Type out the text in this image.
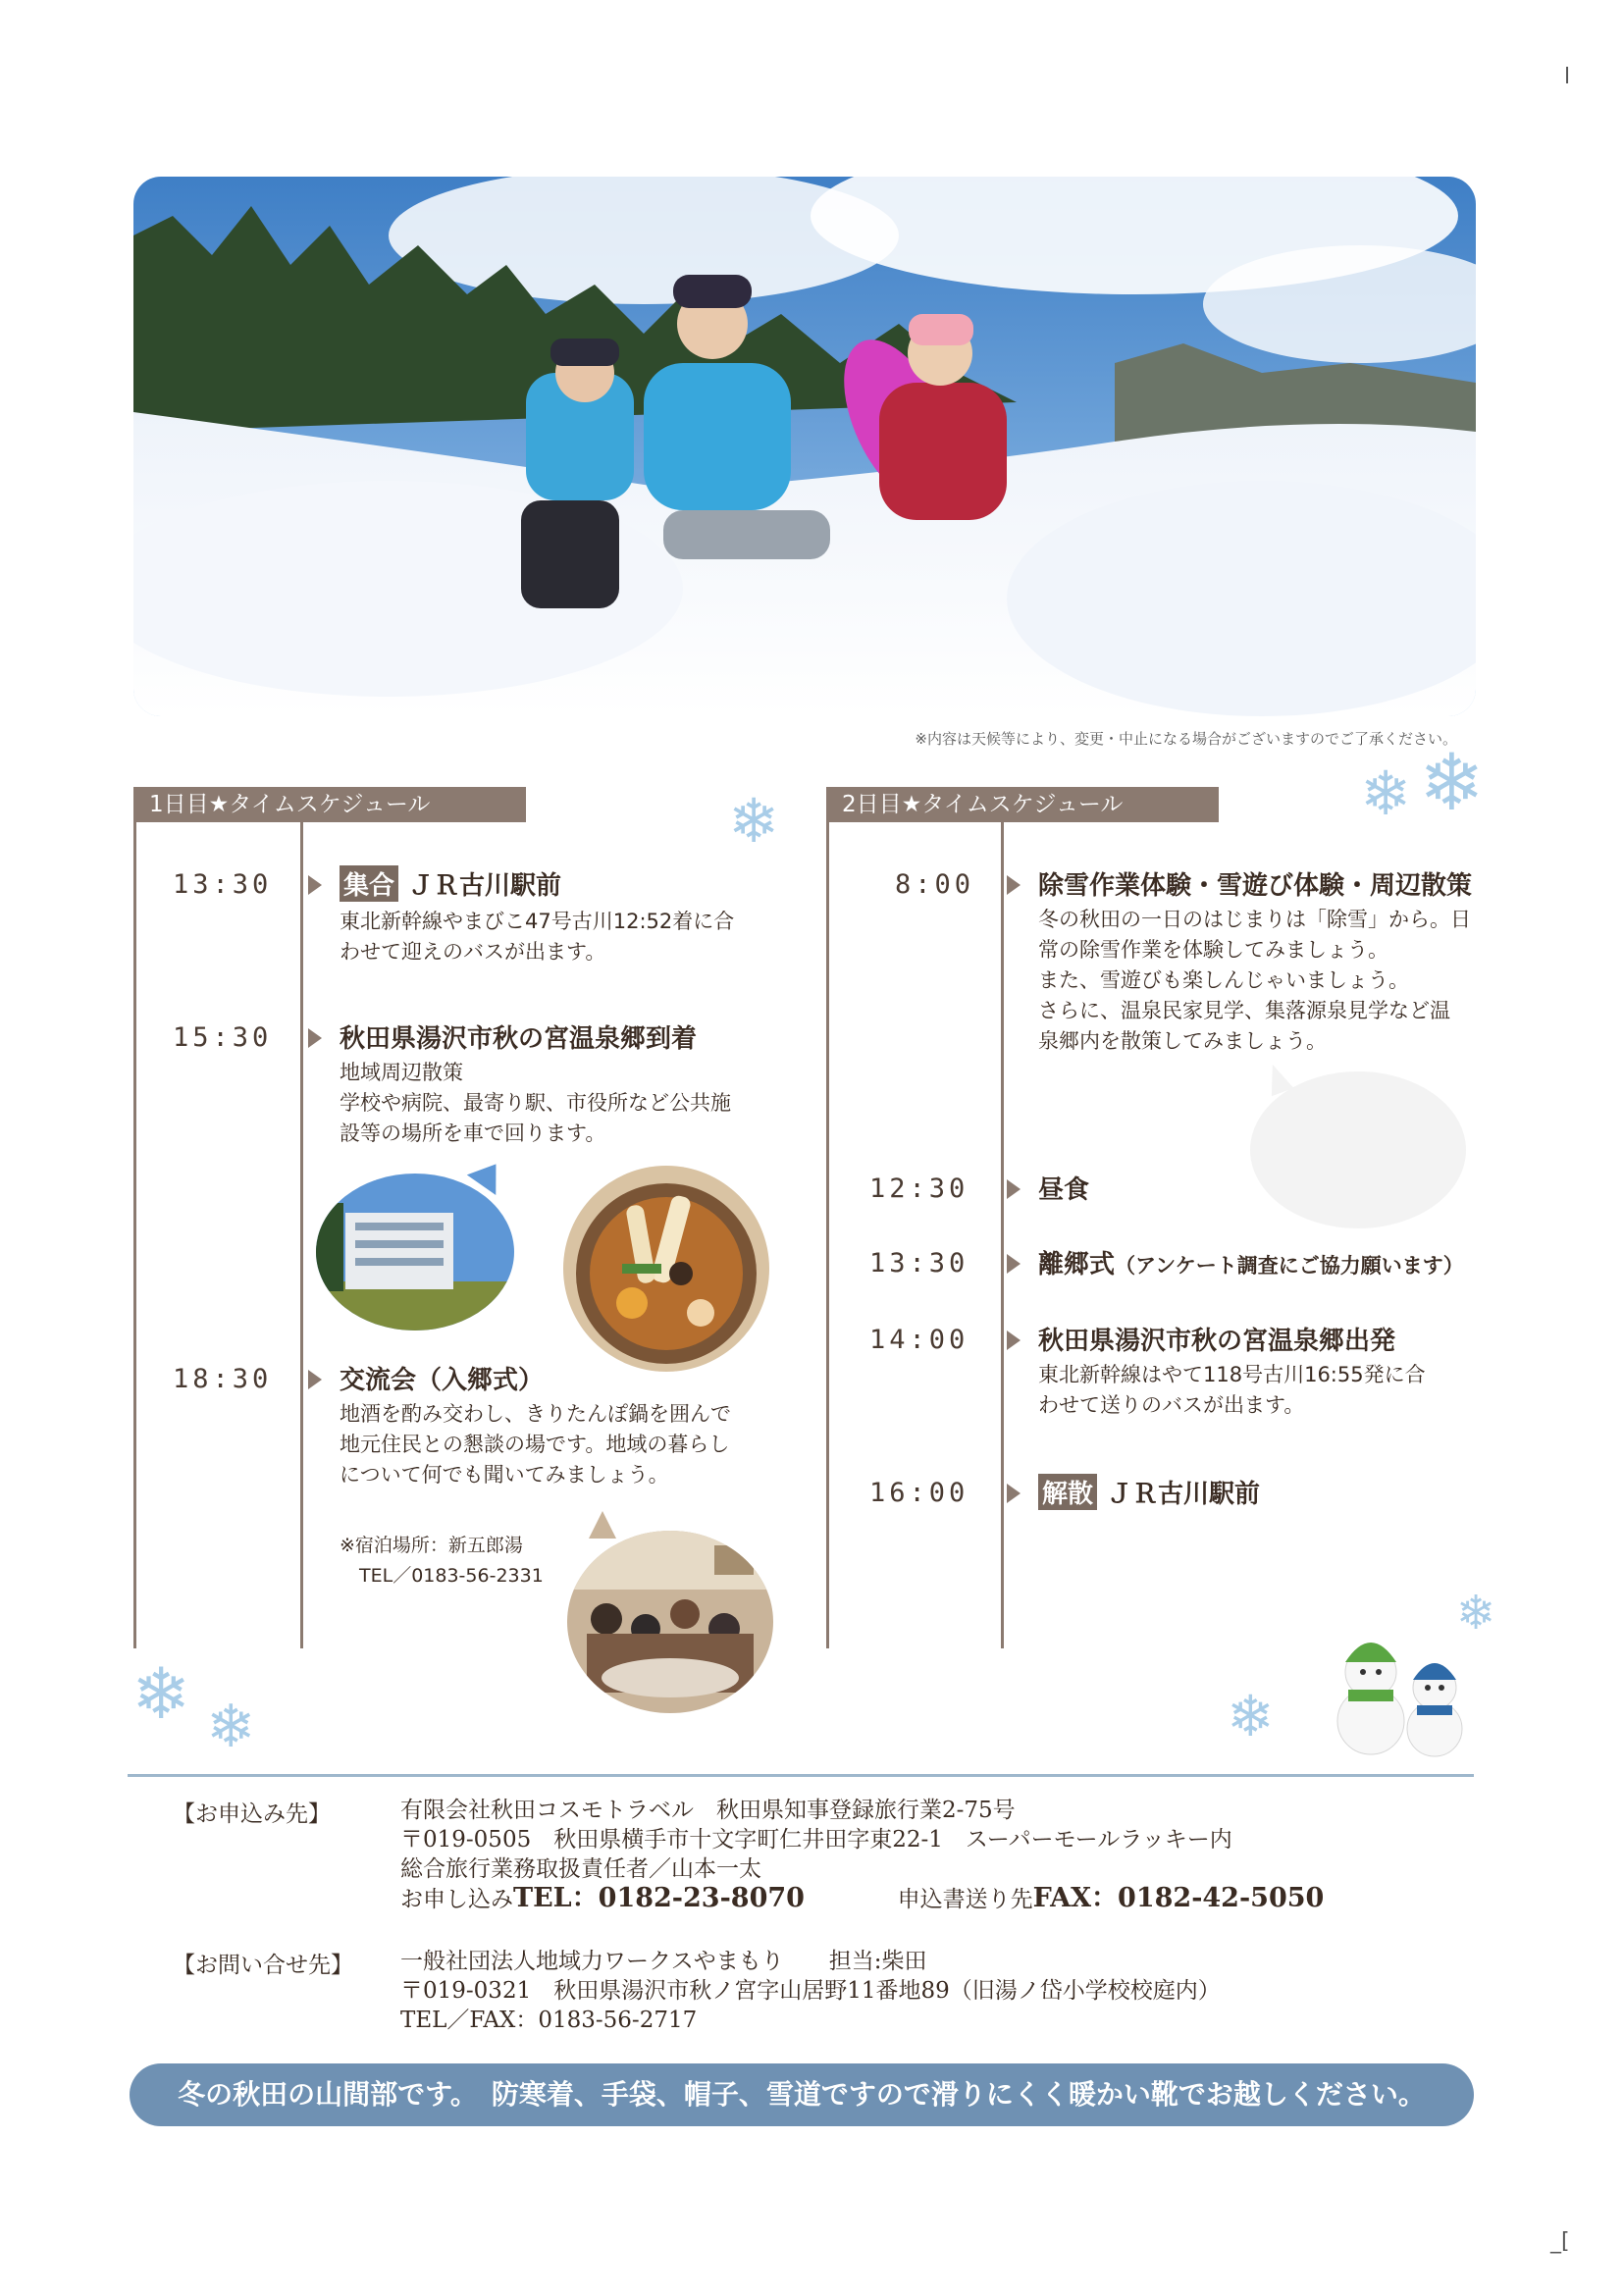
l
_[
※内容は天候等により、変更・中止になる場合がございますのでご了承ください。
1日目★タイムスケジュール	❄
13:30	集合 ＪＲ古川駅前
東北新幹線やまびこ47号古川12:52着に合
わせて迎えのバスが出ます。
15:30	秋田県湯沢市秋の宮温泉郷到着
地域周辺散策
学校や病院、最寄り駅、市役所など公共施
設等の場所を車で回ります。
18:30	交流会（入郷式）
地酒を酌み交わし、きりたんぽ鍋を囲んで
地元住民との懇談の場です。地域の暮らし
について何でも聞いてみましょう。
※宿泊場所：新五郎湯
TEL／0183-56-2331
2日目★タイムスケジュール	❄ ❄
8:00 除雪作業体験・雪遊び体験・周辺散策
冬の秋田の一日のはじまりは「除雪」から。日
常の除雪作業を体験してみましょう。
また、雪遊びも楽しんじゃいましょう。
さらに、温泉民家見学、集落源泉見学など温
泉郷内を散策してみましょう。
12:30	昼食
13:30	離郷式（アンケート調査にご協力願います）
14:00	秋田県湯沢市秋の宮温泉郷出発
東北新幹線はやて118号古川16:55発に合
わせて送りのバスが出ます。
16:00	解散 ＪＲ古川駅前
❄ ❄	❄
❄
【お申込み先】	有限会社秋田コスモトラベル　秋田県知事登録旅行業2-75号
〒019-0505　秋田県横手市十文字町仁井田字東22-1　スーパーモールラッキー内
総合旅行業務取扱責任者／山本一太
お申し込みTEL：0182-23-8070	申込書送り先FAX：0182-42-5050
【お問い合せ先】 一般社団法人地域力ワークスやまもり　　担当:柴田
〒019-0321　秋田県湯沢市秋ノ宮字山居野11番地89（旧湯ノ岱小学校校庭内）
TEL／FAX：0183-56-2717
冬の秋田の山間部です。　防寒着、手袋、帽子、雪道ですので滑りにくく暖かい靴でお越しください。
